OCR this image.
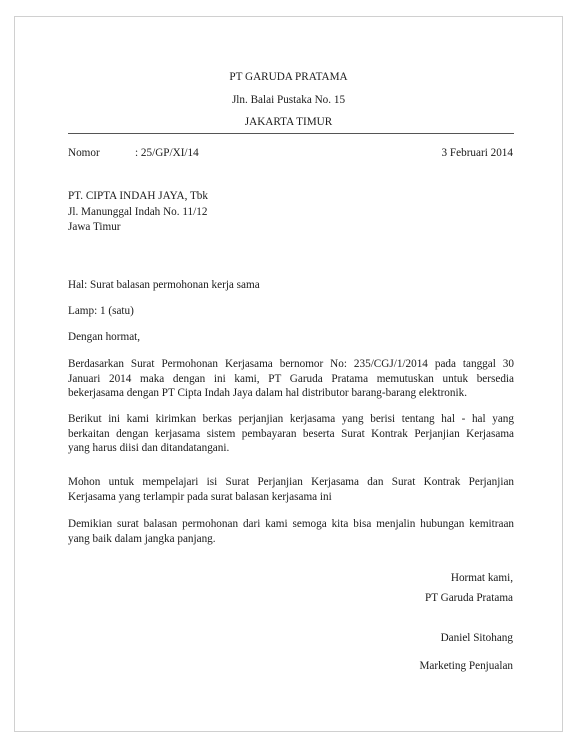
PT GARUDA PRATAMA
Jln. Balai Pustaka No. 15
JAKARTA TIMUR
Nomor	: 25/GP/XI/14	3 Februari 2014
PT. CIPTA INDAH JAYA, Tbk
Jl. Manunggal Indah No. 11/12
Jawa Timur
Hal: Surat balasan permohonan kerja sama
Lamp: 1 (satu)
Dengan hormat,
Berdasarkan Surat Permohonan Kerjasama bernomor No: 235/CGJ/1/2014 pada tanggal 30
Januari 2014 maka dengan ini kami, PT Garuda Pratama memutuskan untuk bersedia
bekerjasama dengan PT Cipta Indah Jaya dalam hal distributor barang-barang elektronik.
Berikut ini kami kirimkan berkas perjanjian kerjasama yang berisi tentang hal - hal yang
berkaitan dengan kerjasama sistem pembayaran beserta Surat Kontrak Perjanjian Kerjasama
yang harus diisi dan ditandatangani.
Mohon untuk mempelajari isi Surat Perjanjian Kerjasama dan Surat Kontrak Perjanjian
Kerjasama yang terlampir pada surat balasan kerjasama ini
Demikian surat balasan permohonan dari kami semoga kita bisa menjalin hubungan kemitraan
yang baik dalam jangka panjang.
Hormat kami,
PT Garuda Pratama
Daniel Sitohang
Marketing Penjualan
